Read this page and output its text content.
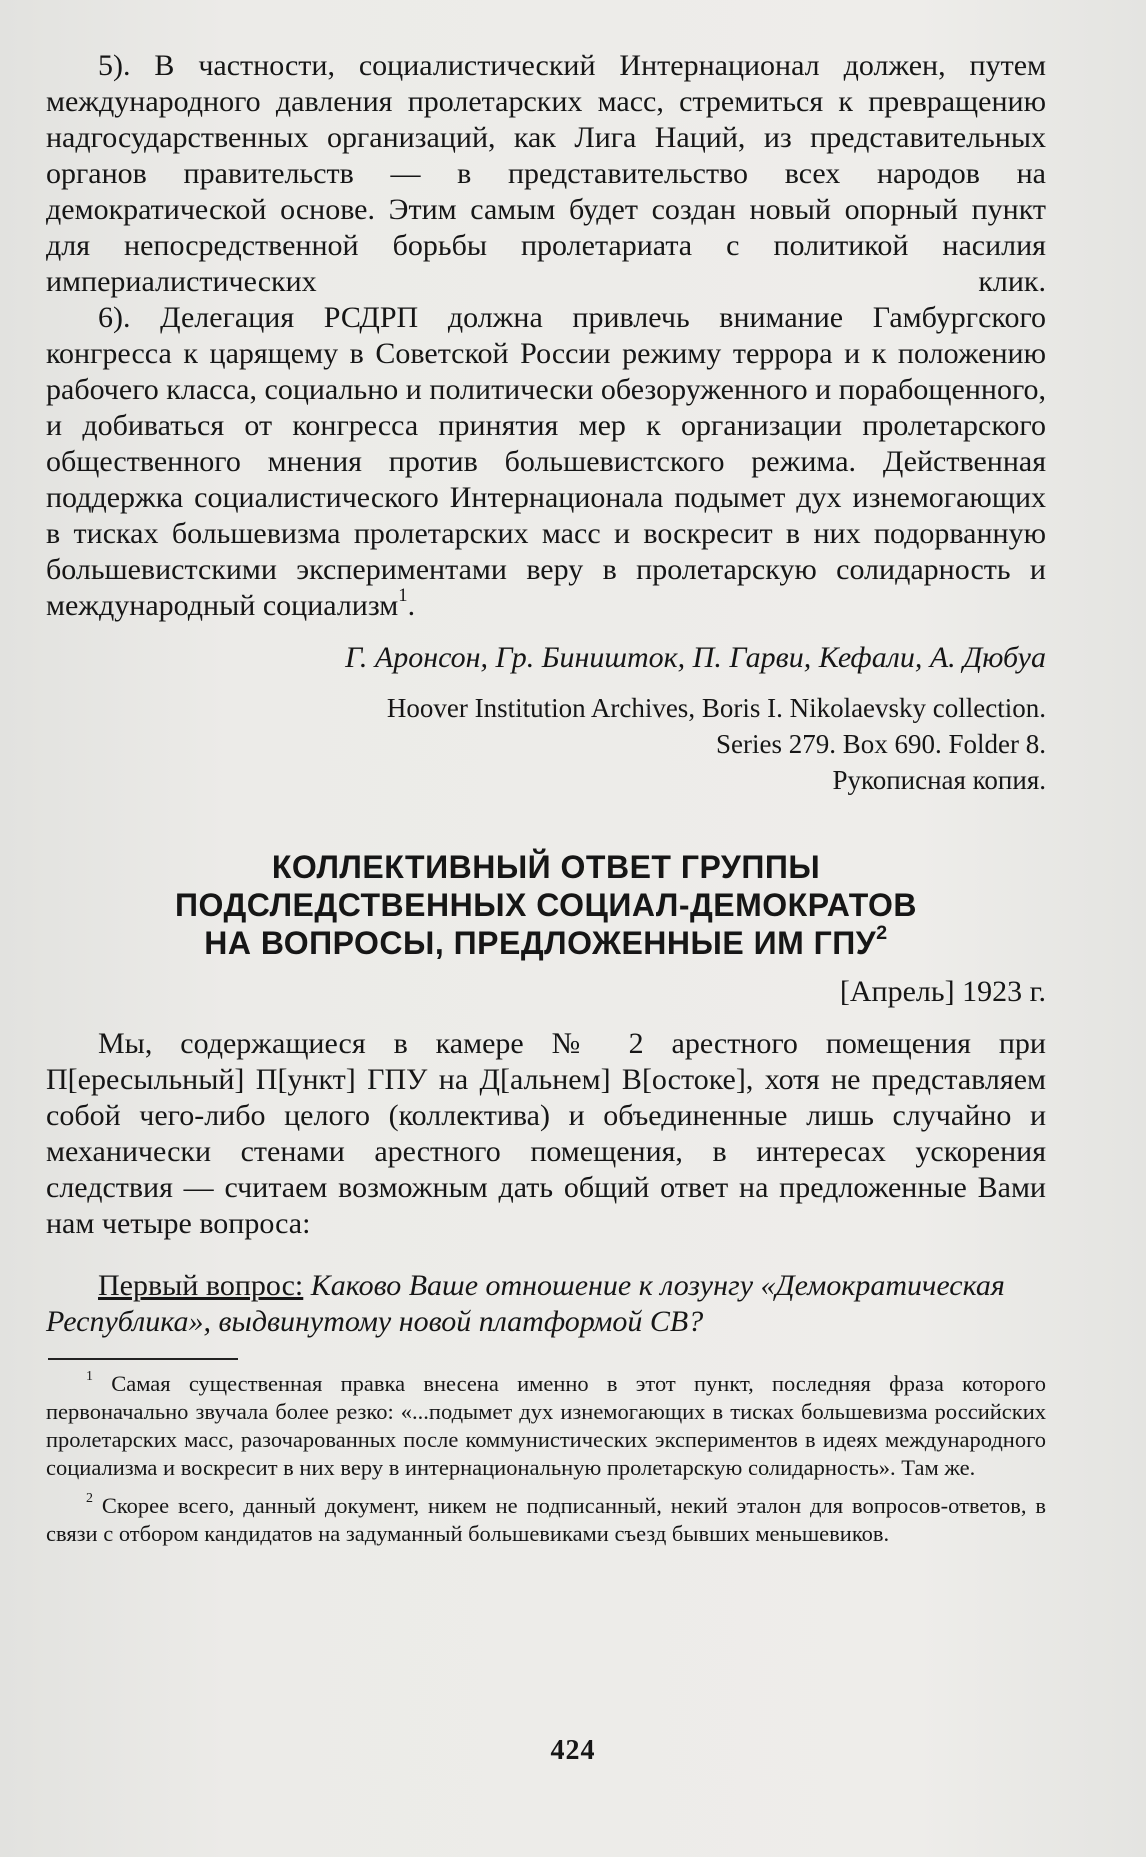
5). В частности, социалистический Интернационал должен, путем международного давления пролетарских масс, стремиться к превращению надгосударственных организаций, как Лига Наций, из представительных органов правительств — в представительство всех народов на демократической основе. Этим самым будет создан новый опорный пункт для непосредственной борьбы пролетариата с политикой насилия империалистических клик.

6). Делегация РСДРП должна привлечь внимание Гамбургского конгресса к царящему в Советской России режиму террора и к положению рабочего класса, социально и политически обезоруженного и порабощенного, и добиваться от конгресса принятия мер к организации пролетарского общественного мнения против большевистского режима. Действенная поддержка социалистического Интернационала подымет дух изнемогающих в тисках большевизма пролетарских масс и воскресит в них подорванную большевистскими экспериментами веру в пролетарскую солидарность и международный социализм$^1$.

Г. Аронсон, Гр. Биништок, П. Гарви, Кефали, А. Дюбуа

Hoover Institution Archives, Boris I. Nikolaevsky collection.

Series 279. Box 690. Folder 8.

Рукописная копия.

КОЛЛЕКТИВНЫЙ ОТВЕТ ГРУППЫ
ПОДСЛЕДСТВЕННЫХ СОЦИАЛ-ДЕМОКРАТОВ
НА ВОПРОСЫ, ПРЕДЛОЖЕННЫЕ ИМ ГПУ$^2$

[Апрель] 1923 г.

Мы, содержащиеся в камере № 2 арестного помещения при П[ересыльный] П[ункт] ГПУ на Д[альнем] В[остоке], хотя не представляем собой чего-либо целого (коллектива) и объединенные лишь случайно и механически стенами арестного помещения, в интересах ускорения следствия — считаем возможным дать общий ответ на предложенные Вами нам четыре вопроса:

Первый вопрос: Каково Ваше отношение к лозунгу «Демократическая Республика», выдвинутому новой платформой СВ?

$^1$ Самая существенная правка внесена именно в этот пункт, последняя фраза которого первоначально звучала более резко: «...подымет дух изнемогающих в тисках большевизма российских пролетарских масс, разочарованных после коммунистических экспериментов в идеях международного социализма и воскресит в них веру в интернациональную пролетарскую солидарность». Там же.

$^2$ Скорее всего, данный документ, никем не подписанный, некий эталон для вопросов-ответов, в связи с отбором кандидатов на задуманный большевиками съезд бывших меньшевиков.

424
